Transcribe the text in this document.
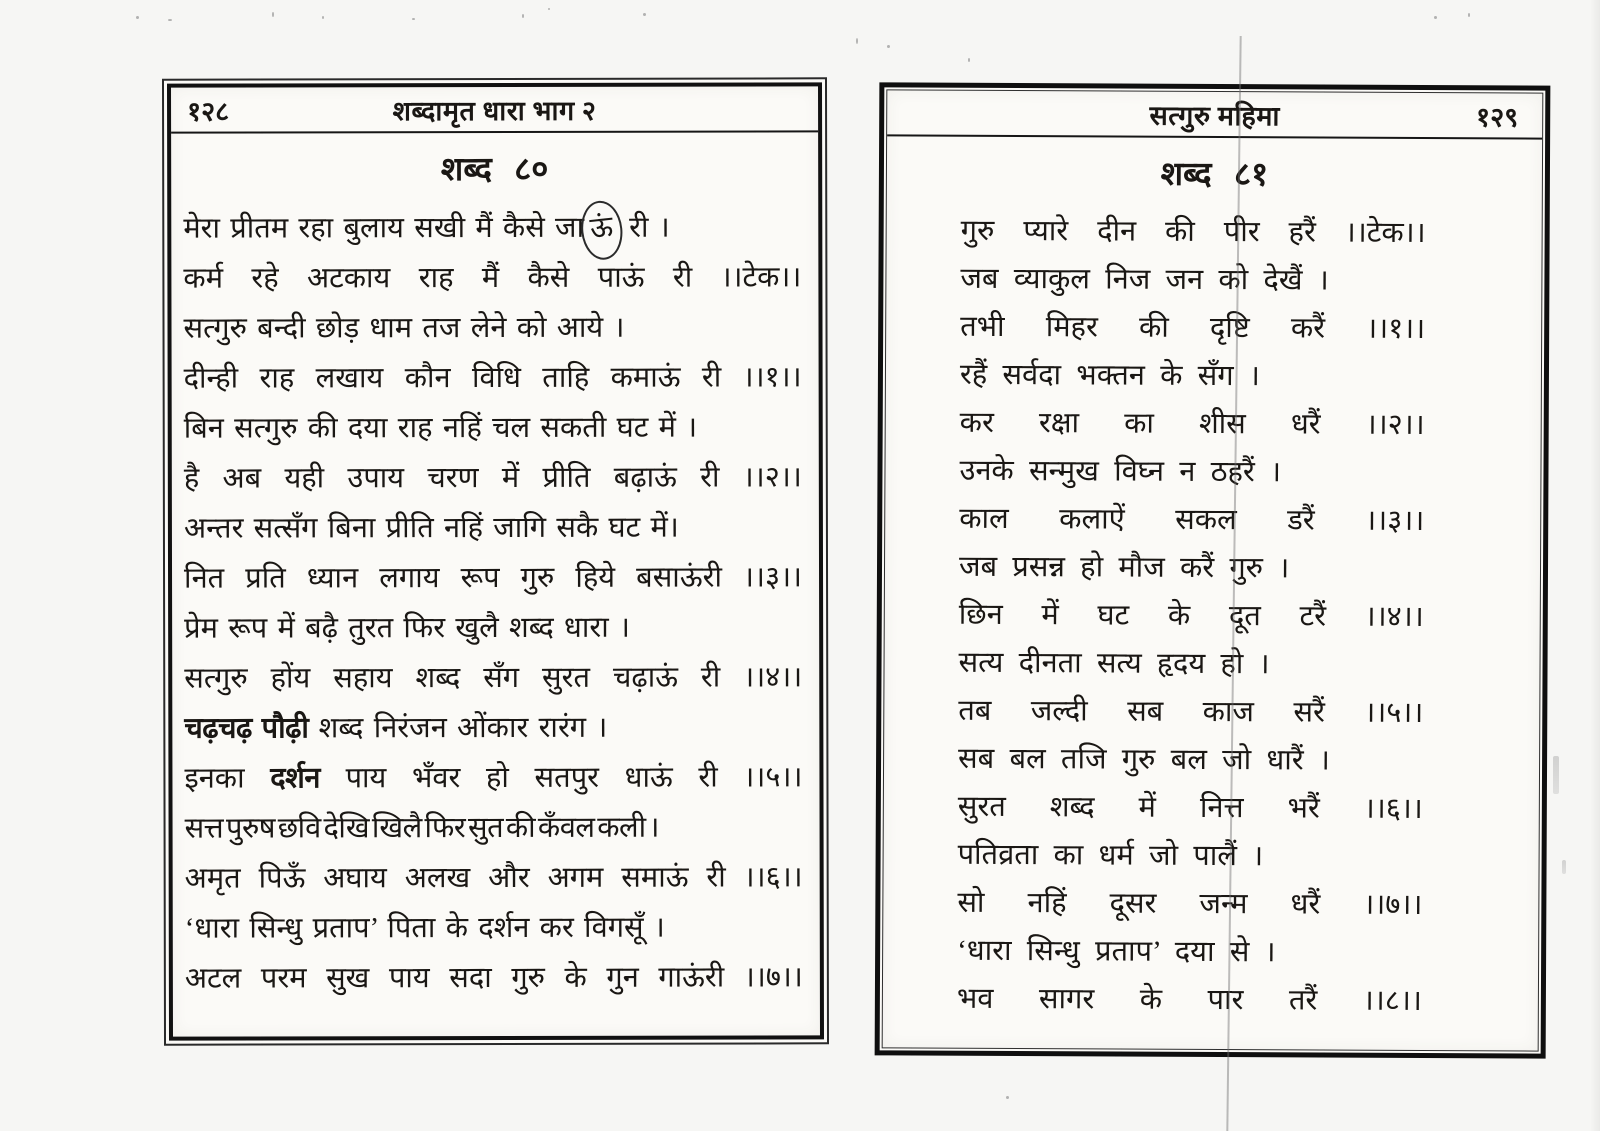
१२८	शब्दामृत धारा भाग २
शब्द ८०
मेरा प्रीतम रहा बुलाय सखी मैं कैसे जा ऊं री ।
कर्म रहे अटकाय राह मैं कैसे पाऊं री ।।टेक।।
सत्गुरु बन्दी छोड़ धाम तज लेने को आये ।
दीन्ही राह लखाय कौन विधि ताहि कमाऊं री ।।१।।
बिन सत्गुरु की दया राह नहिं चल सकती घट में ।
है अब यही उपाय चरण में प्रीति बढ़ाऊं री ।।२।।
अन्तर सत्सँग बिना प्रीति नहिं जागि सकै घट में।
नित प्रति ध्यान लगाय रूप गुरु हिये बसाऊंरी ।।३।।
प्रेम रूप में बढ़ै तुरत फिर खुलै शब्द धारा ।
सत्गुरु होंय सहाय शब्द सँग सुरत चढ़ाऊं री ।।४।।
चढ़चढ़ पौढ़ी शब्द निरंजन ओंकार रारंग ।
इनका दर्शन पाय भँवर हो सतपुर धाऊं री ।।५।।
सत्त पुरुष छवि देखि खिलै फिर सुत की कँवल कली ।
अमृत पिऊँ अघाय अलख और अगम समाऊं री ।।६।।
‘धारा सिन्धु प्रताप’ पिता के दर्शन कर विगसूँ ।
अटल परम सुख पाय सदा गुरु के गुन गाऊंरी ।।७।।
सत्गुरु महिमा	१२९
शब्द ८१
गुरु प्यारे दीन की पीर हरैं ।।टेक।।
जब व्याकुल निज जन को देखैं ।
तभी मिहर की दृष्टि करैं ।।१।।
रहैं सर्वदा भक्तन के सँग ।
कर रक्षा का शीस धरैं ।।२।।
उनके सन्मुख विघ्न न ठहरैं ।
काल कलाऐं सकल डरैं ।।३।।
जब प्रसन्न हो मौज करैं गुरु ।
छिन में घट के दूत टरैं ।।४।।
सत्य दीनता सत्य हृदय हो ।
तब जल्दी सब काज सरैं ।।५।।
सब बल तजि गुरु बल जो धारैं ।
सुरत शब्द में नित्त भरैं ।।६।।
पतिव्रता का धर्म जो पालैं ।
सो नहिं दूसर जन्म धरैं ।।७।।
‘धारा सिन्धु प्रताप’ दया से ।
भव सागर के पार तरैं ।।८।।
